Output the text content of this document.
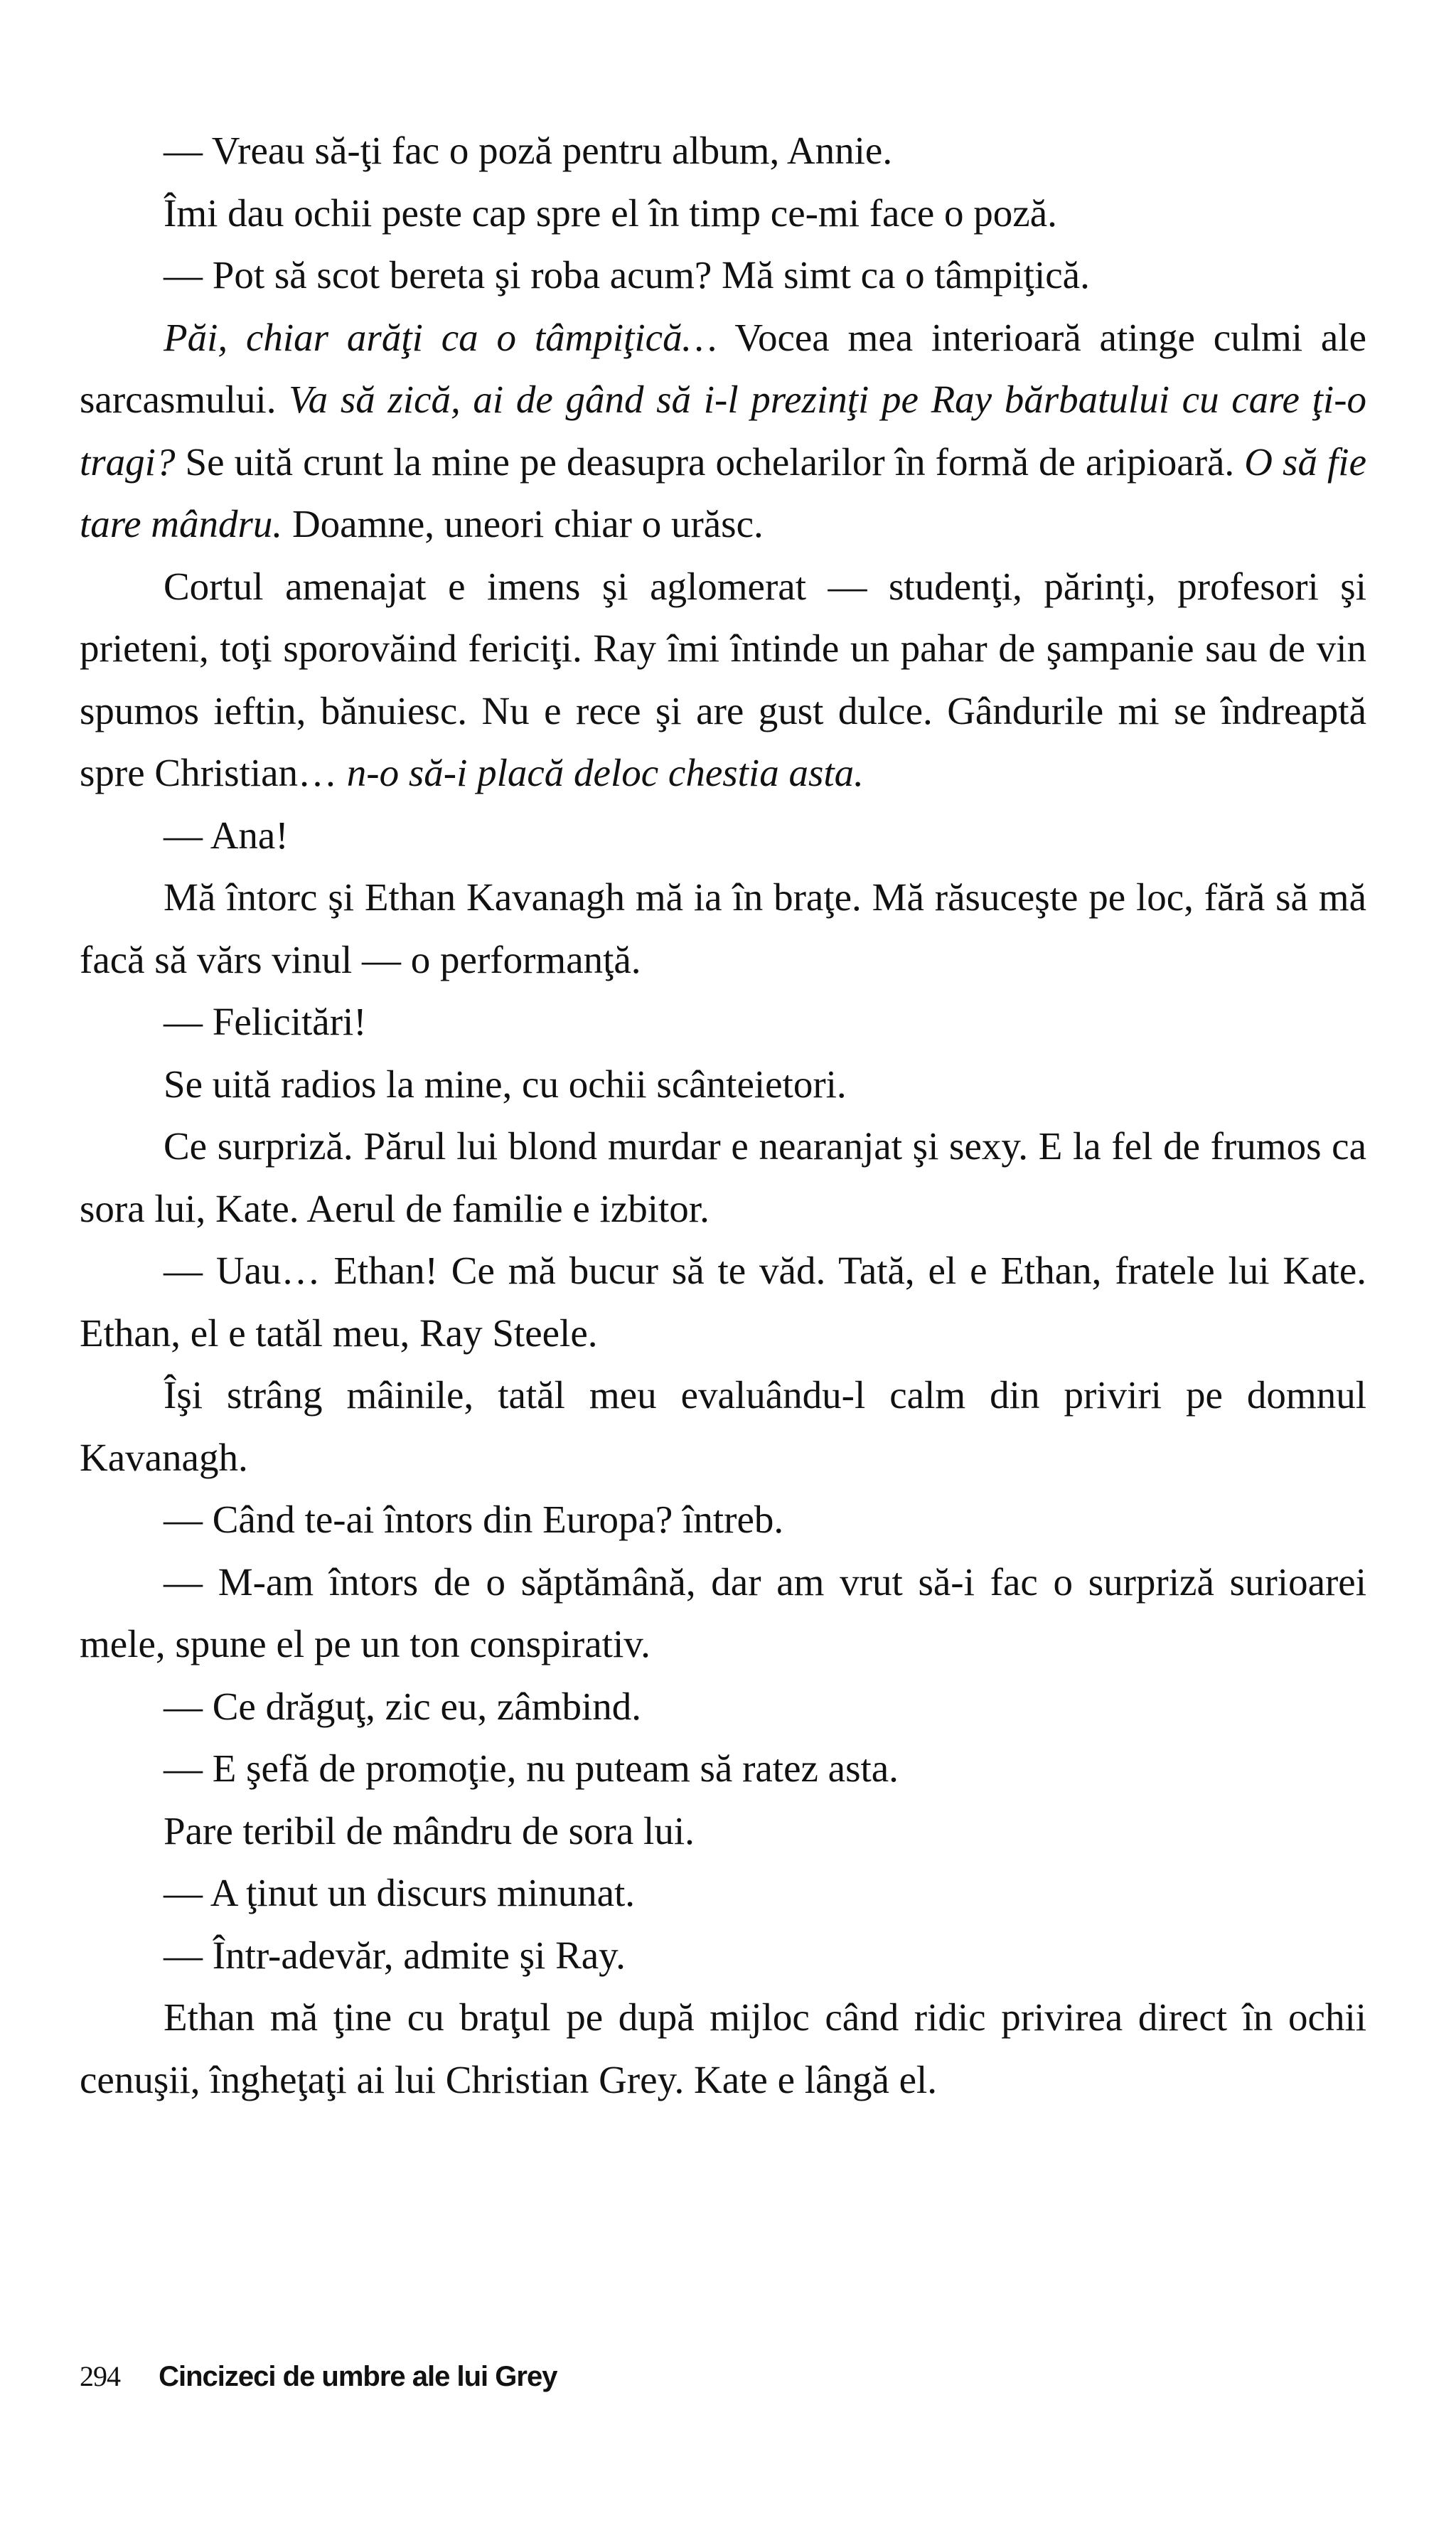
— Vreau să-ţi fac o poză pentru album, Annie.

Îmi dau ochii peste cap spre el în timp ce-mi face o poză.

— Pot să scot bereta şi roba acum? Mă simt ca o tâmpiţică.

Păi, chiar arăţi ca o tâmpiţică… Vocea mea interioară atinge culmi ale sarcasmului. Va să zică, ai de gând să i-l prezinţi pe Ray bărbatului cu care ţi-o tragi? Se uită crunt la mine pe deasupra ochelarilor în formă de aripioară. O să fie tare mândru. Doamne, uneori chiar o urăsc.

Cortul amenajat e imens şi aglomerat — studenţi, părinţi, profesori şi prieteni, toţi sporovăind fericiţi. Ray îmi întinde un pahar de şampanie sau de vin spumos ieftin, bănuiesc. Nu e rece şi are gust dulce. Gândurile mi se îndreaptă spre Christian… n-o să-i placă deloc chestia asta.

— Ana!

Mă întorc şi Ethan Kavanagh mă ia în braţe. Mă răsuceşte pe loc, fără să mă facă să vărs vinul — o performanţă.

— Felicitări!

Se uită radios la mine, cu ochii scânteietori.

Ce surpriză. Părul lui blond murdar e nearanjat şi sexy. E la fel de frumos ca sora lui, Kate. Aerul de familie e izbitor.

— Uau… Ethan! Ce mă bucur să te văd. Tată, el e Ethan, fratele lui Kate. Ethan, el e tatăl meu, Ray Steele.

Îşi strâng mâinile, tatăl meu evaluându-l calm din priviri pe domnul Kavanagh.

— Când te-ai întors din Europa? întreb.

— M-am întors de o săptămână, dar am vrut să-i fac o surpriză surioarei mele, spune el pe un ton conspirativ.

— Ce drăguţ, zic eu, zâmbind.

— E şefă de promoţie, nu puteam să ratez asta.

Pare teribil de mândru de sora lui.

— A ţinut un discurs minunat.

— Într-adevăr, admite şi Ray.

Ethan mă ţine cu braţul pe după mijloc când ridic privirea direct în ochii cenuşii, îngheţaţi ai lui Christian Grey. Kate e lângă el.

294 Cincizeci de umbre ale lui Grey
